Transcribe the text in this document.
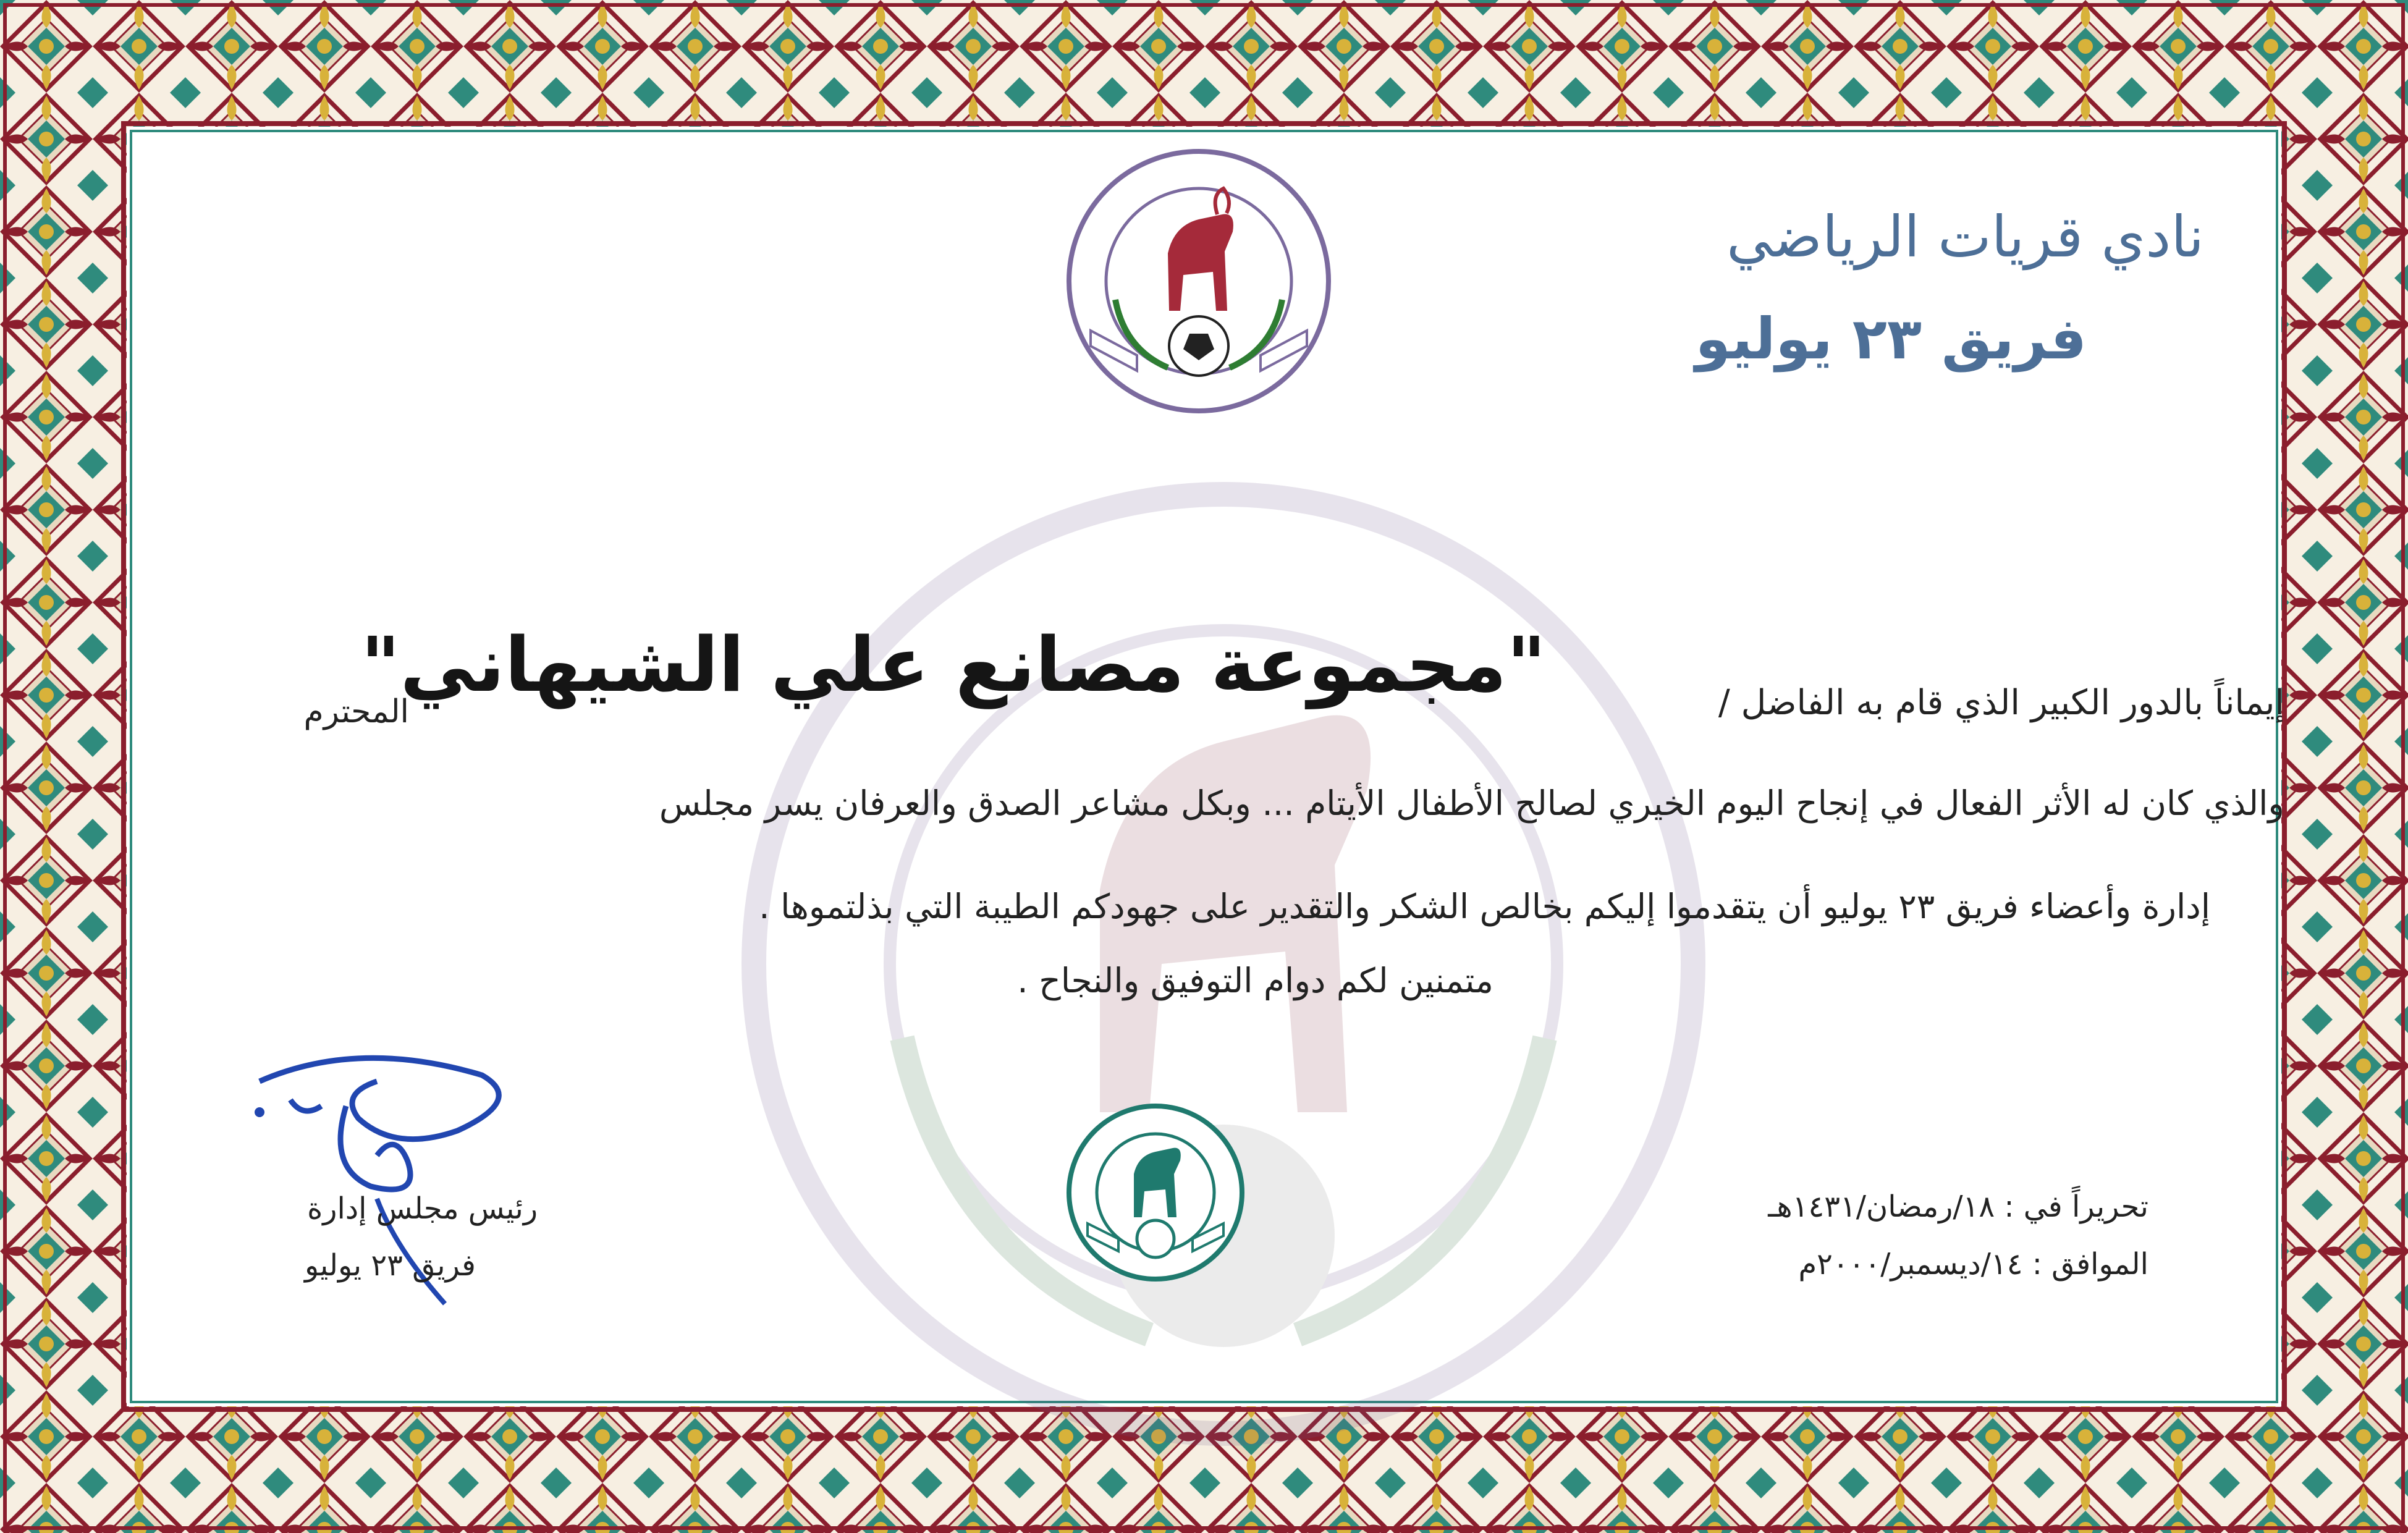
نادي قريات الرياضي
فريق ٢٣ يوليو
"مجموعة مصانع علي الشيهاني"	إيماناً بالدور الكبير الذي قام به الفاضل /
المحترم
والذي كان له الأثر الفعال في إنجاح اليوم الخيري لصالح الأطفال الأيتام ... وبكل مشاعر الصدق والعرفان يسر مجلس
إدارة وأعضاء فريق ٢٣ يوليو أن يتقدموا إليكم بخالص الشكر والتقدير على جهودكم الطيبة التي بذلتموها .
متمنين لكم دوام التوفيق والنجاح .
رئيس مجلس إدارة
فريق ٢٣ يوليو
تحريراً في : ١٨/رمضان/١٤٣١هـ
الموافق : ١٤/ديسمبر/٢٠٠٠م
